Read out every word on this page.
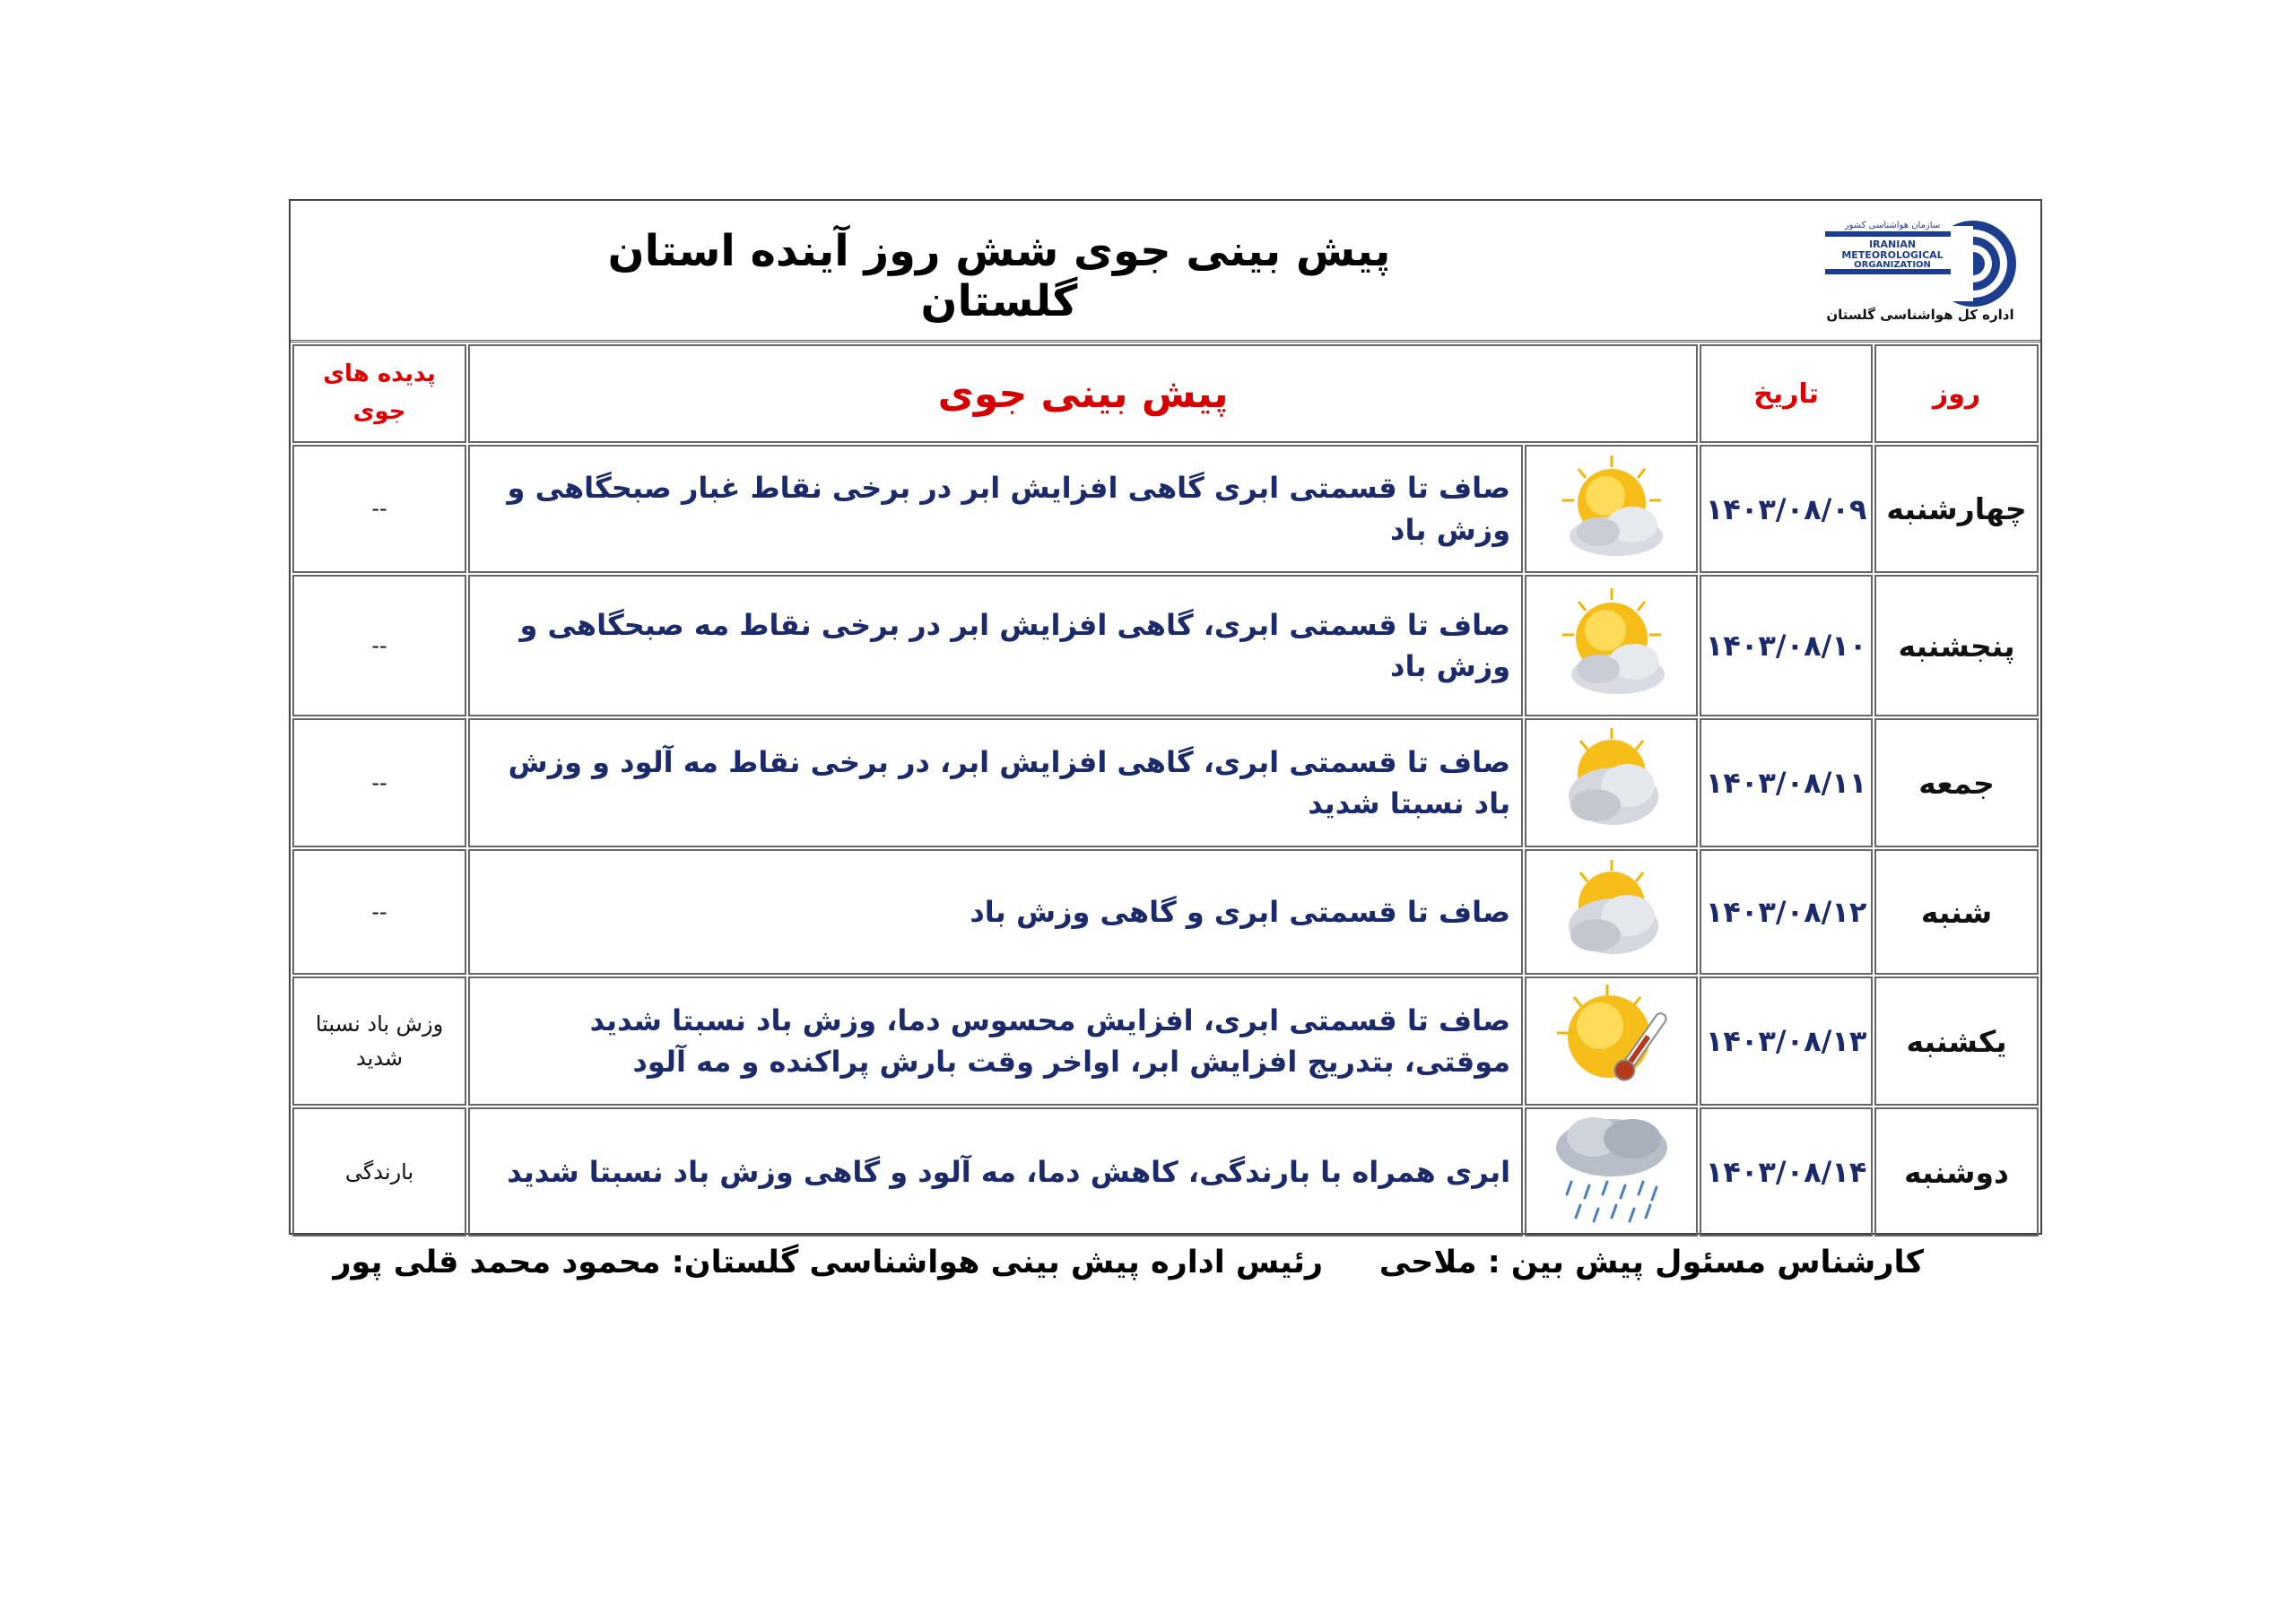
پیش بینی جوی شش روز آینده استان گلستان
سازمان هواشناسی کشور
IRANIAN
METEOROLOGICAL
ORGANIZATION
اداره کل هواشناسی گلستان
روز	تاریخ	پیش بینی جوی		پدیده های جوی
چهارشنبه	۱۴۰۳/۰۸/۰۹		صاف تا قسمتی ابری گاهی افزایش ابر در برخی نقاط غبار صبحگاهی و وزش باد	--
پنجشنبه	۱۴۰۳/۰۸/۱۰		صاف تا قسمتی ابری، گاهی افزایش ابر در برخی نقاط مه صبحگاهی و وزش باد	--
جمعه	۱۴۰۳/۰۸/۱۱		صاف تا قسمتی ابری، گاهی افزایش ابر، در برخی نقاط مه آلود و وزش باد نسبتا شدید	--
شنبه	۱۴۰۳/۰۸/۱۲		صاف تا قسمتی ابری و گاهی وزش باد	--
یکشنبه	۱۴۰۳/۰۸/۱۳		صاف تا قسمتی ابری، افزایش محسوس دما، وزش باد نسبتا شدید موقتی، بتدریج افزایش ابر، اواخر وقت بارش پراکنده و مه آلود	وزش باد نسبتا شدید
دوشنبه	۱۴۰۳/۰۸/۱۴		ابری همراه با بارندگی، کاهش دما، مه آلود و گاهی وزش باد نسبتا شدید	بارندگی
کارشناس مسئول پیش بین : ملاحی
رئیس اداره پیش بینی هواشناسی گلستان: محمود محمد قلی پور
